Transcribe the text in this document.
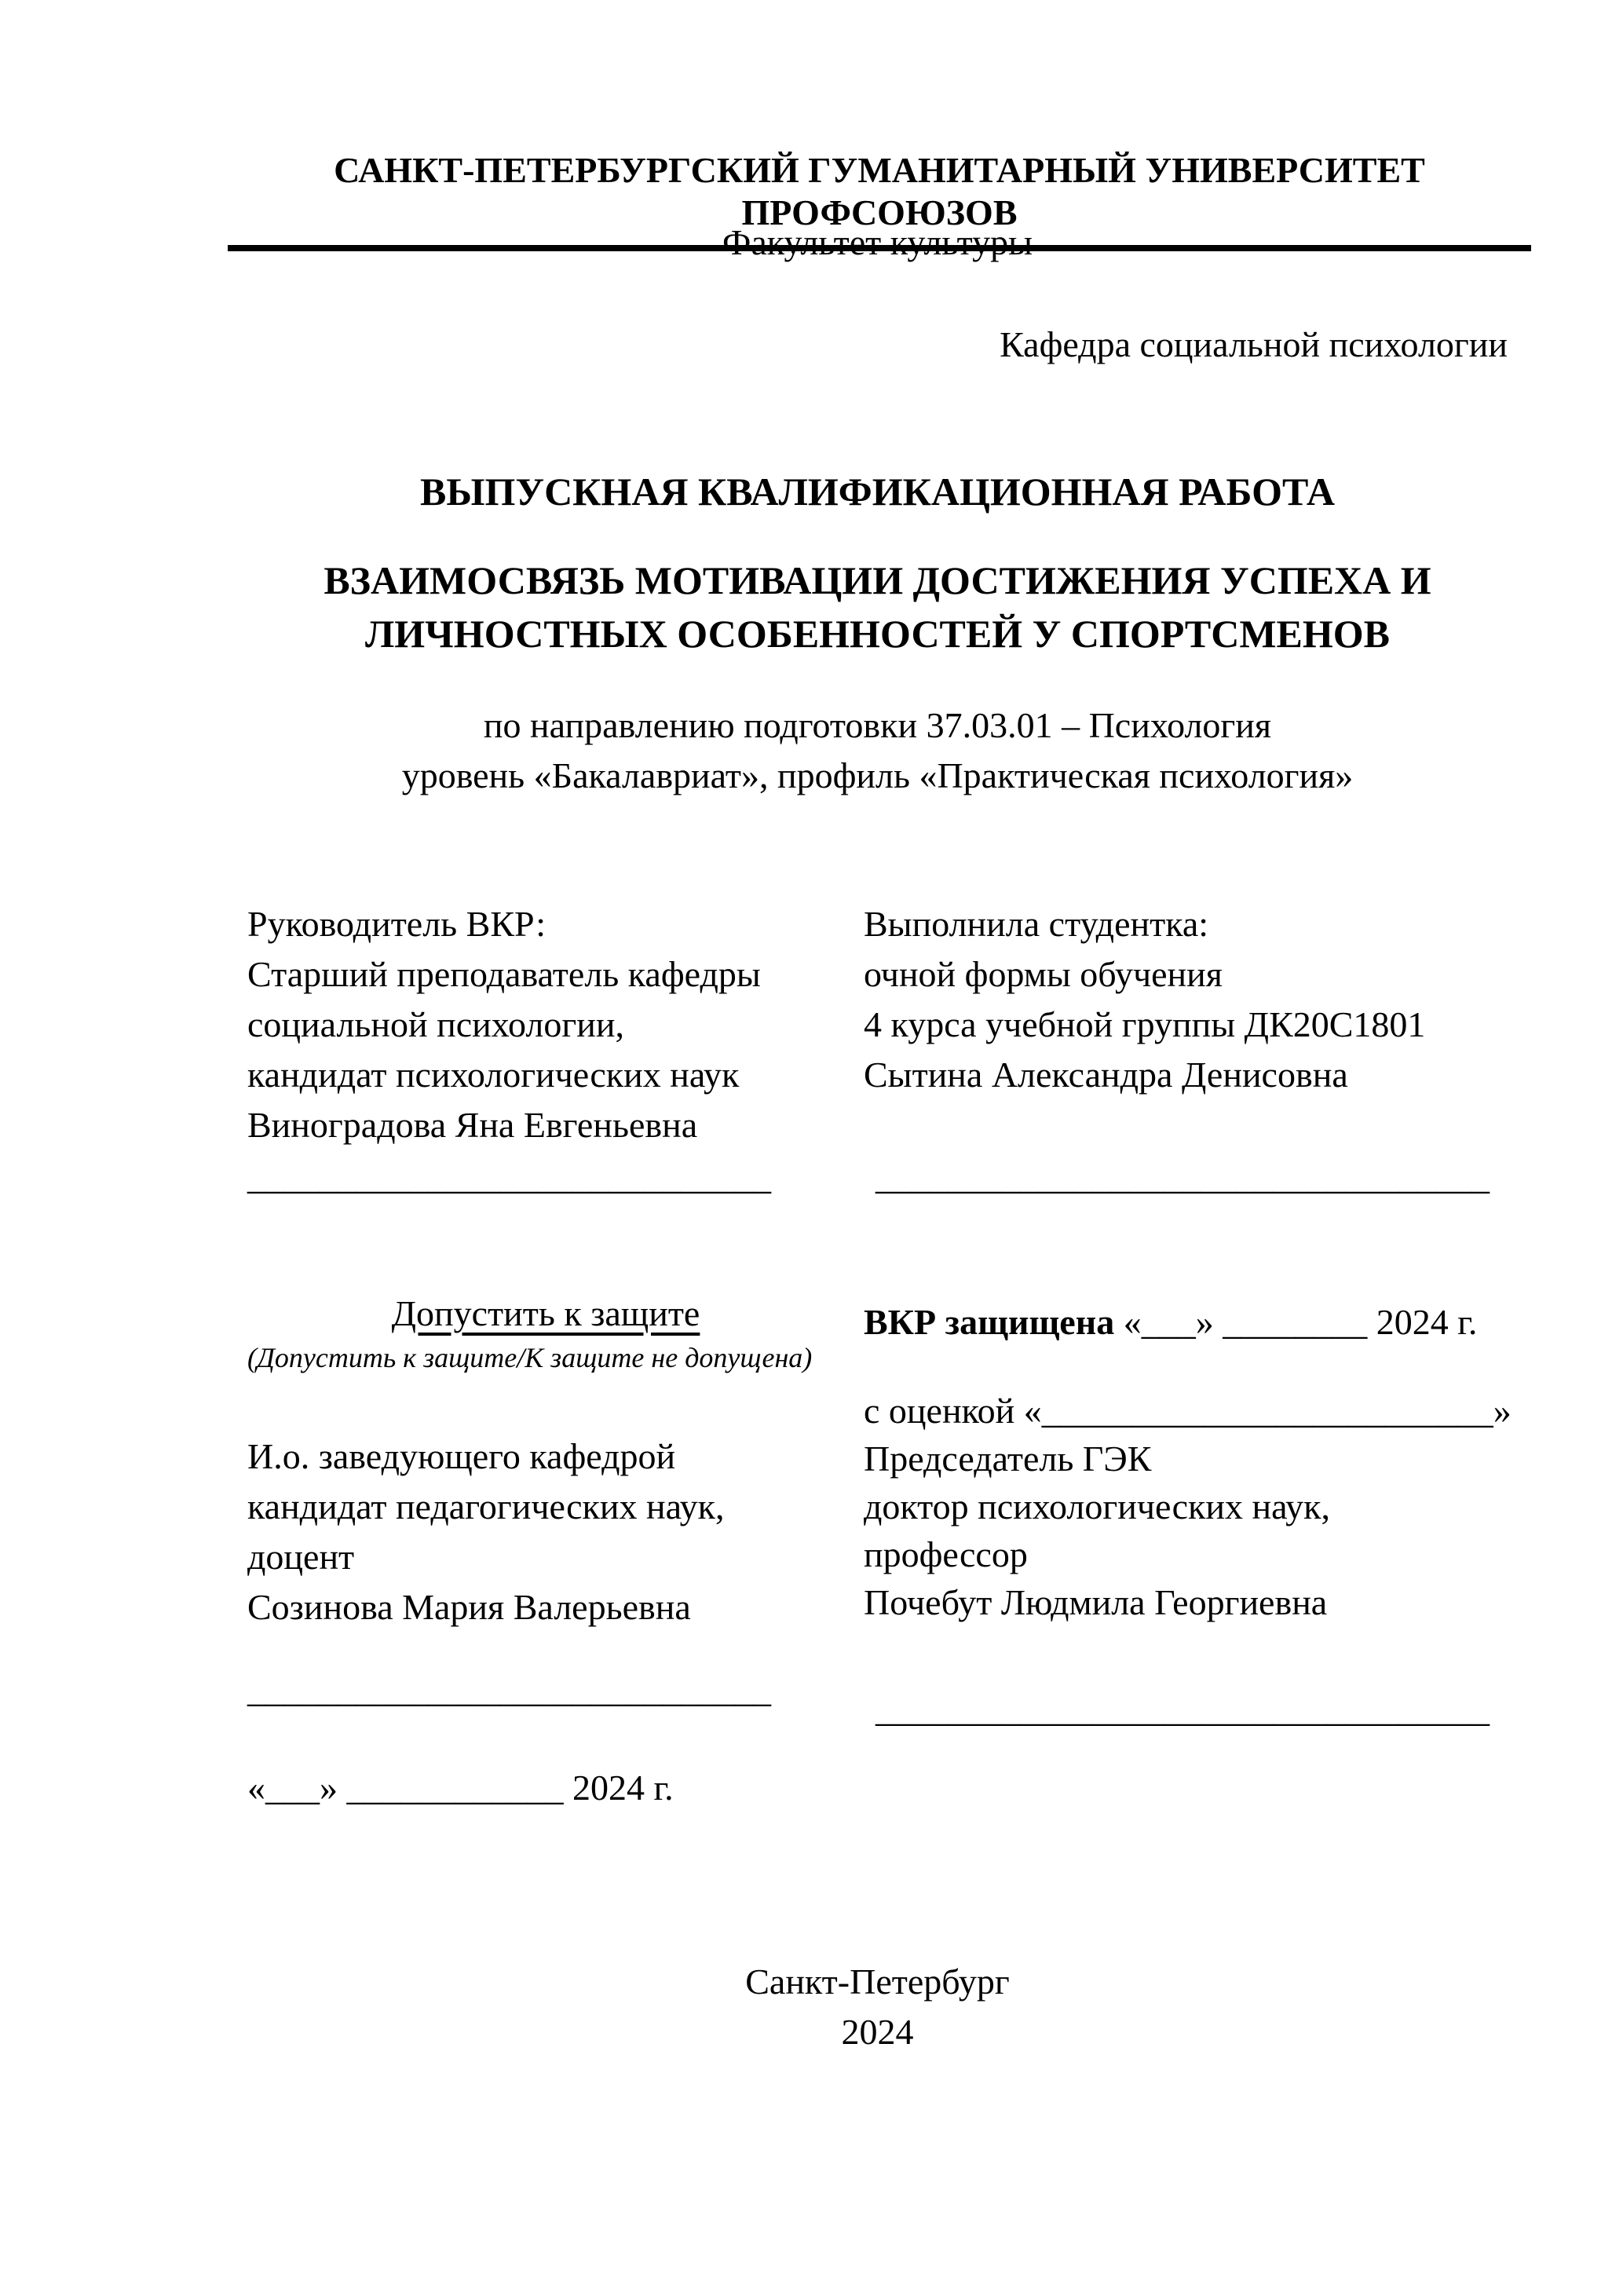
САНКТ-ПЕТЕРБУРГСКИЙ ГУМАНИТАРНЫЙ УНИВЕРСИТЕТ ПРОФСОЮЗОВ
Факультет культуры
Кафедра социальной психологии
ВЫПУСКНАЯ КВАЛИФИКАЦИОННАЯ РАБОТА
ВЗАИМОСВЯЗЬ МОТИВАЦИИ ДОСТИЖЕНИЯ УСПЕХА И
ЛИЧНОСТНЫХ ОСОБЕННОСТЕЙ У СПОРТСМЕНОВ
по направлению подготовки 37.03.01 – Психология
уровень «Бакалавриат», профиль «Практическая психология»
Руководитель ВКР:
Старший преподаватель кафедры
социальной психологии,
кандидат психологических наук
Виноградова Яна Евгеньевна
Выполнила студентка:
очной формы обучения
4 курса учебной группы ДК20С1801
Сытина Александра Денисовна
_____________________________	__________________________________
Допустить к защите
(Допустить к защите/К защите не допущена)
И.о. заведующего кафедрой
кандидат педагогических наук,
доцент
Созинова Мария Валерьевна
_____________________________
«___» ____________ 2024 г.
ВКР защищена «___» ________ 2024 г.
с оценкой «_________________________»
Председатель ГЭК
доктор психологических наук,
профессор
Почебут Людмила Георгиевна
__________________________________
Санкт-Петербург
2024
